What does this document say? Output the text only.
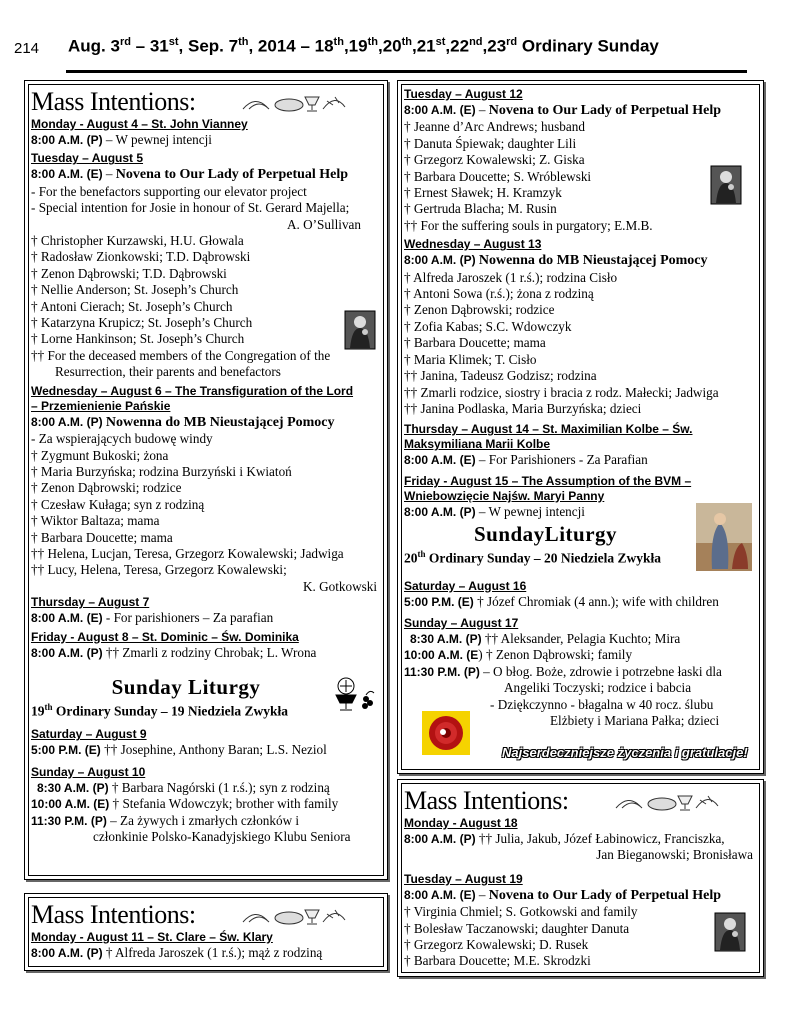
214 Aug. 3rd – 31st, Sep. 7th, 2014 – 18th,19th,20th,21st,22nd,23rd Ordinary Sunday
Mass Intentions:
Monday - August 4 – St. John Vianney
8:00 A.M. (P) – W pewnej intencji
Tuesday – August 5
8:00 A.M. (E) – Novena to Our Lady of Perpetual Help
- For the benefactors supporting our elevator project
- Special intention for Josie in honour of St. Gerard Majella;
A. O’Sullivan
† Christopher Kurzawski, H.U. Głowala
† Radosław Zionkowski; T.D. Dąbrowski
† Zenon Dąbrowski; T.D. Dąbrowski
† Nellie Anderson; St. Joseph’s Church
† Antoni Cierach; St. Joseph’s Church
† Katarzyna Krupicz; St. Joseph’s Church
† Lorne Hankinson; St. Joseph’s Church
†† For the deceased members of the Congregation of the
Resurrection, their parents and benefactors
Wednesday – August 6 – The Transfiguration of the Lord
– Przemienienie Pańskie
8:00 A.M. (P) Nowenna do MB Nieustającej Pomocy
- Za wspierających budowę windy
† Zygmunt Bukoski; żona
† Maria Burzyńska; rodzina Burzyński i Kwiatoń
† Zenon Dąbrowski; rodzice
† Czesław Kułaga; syn z rodziną
† Wiktor Baltaza; mama
† Barbara Doucette; mama
†† Helena, Lucjan, Teresa, Grzegorz Kowalewski; Jadwiga
†† Lucy, Helena, Teresa, Grzegorz Kowalewski;
K. Gotkowski
Thursday – August 7
8:00 A.M. (E) - For parishioners – Za parafian
Friday - August 8 – St. Dominic – Św. Dominika
8:00 A.M. (P) †† Zmarli z rodziny Chrobak; L. Wrona
Sunday Liturgy
19th Ordinary Sunday – 19 Niedziela Zwykła
Saturday – August 9
5:00 P.M. (E) †† Josephine, Anthony Baran; L.S. Neziol
Sunday – August 10
8:30 A.M. (P) † Barbara Nagórski (1 r.ś.); syn z rodziną
10:00 A.M. (E) † Stefania Wdowczyk; brother with family
11:30 P.M. (P) – Za żywych i zmarłych członków i
członkinie Polsko-Kanadyjskiego Klubu Seniora
Mass Intentions:
Monday - August 11 – St. Clare – Św. Klary
8:00 A.M. (P) † Alfreda Jaroszek (1 r.ś.); mąż z rodziną
Tuesday – August 12
8:00 A.M. (E) – Novena to Our Lady of Perpetual Help
† Jeanne d’Arc Andrews; husband
† Danuta Śpiewak; daughter Lili
† Grzegorz Kowalewski; Z. Giska
† Barbara Doucette; S. Wróblewski
† Ernest Sławek; H. Kramzyk
† Gertruda Blacha; M. Rusin
†† For the suffering souls in purgatory; E.M.B.
Wednesday – August 13
8:00 A.M. (P) Nowenna do MB Nieustającej Pomocy
† Alfreda Jaroszek (1 r.ś.); rodzina Cisło
† Antoni Sowa (r.ś.); żona z rodziną
† Zenon Dąbrowski; rodzice
† Zofia Kabas; S.C. Wdowczyk
† Barbara Doucette; mama
† Maria Klimek; T. Cisło
†† Janina, Tadeusz Godzisz; rodzina
†† Zmarli rodzice, siostry i bracia z rodz. Małecki; Jadwiga
†† Janina Podlaska, Maria Burzyńska; dzieci
Thursday – August 14 – St. Maximilian Kolbe – Św.
Maksymiliana Marii Kolbe
8:00 A.M. (E) – For Parishioners - Za Parafian
Friday - August 15 – The Assumption of the BVM –
Wniebowzięcie Najśw. Maryi Panny
8:00 A.M. (P) – W pewnej intencji
SundayLiturgy
20th Ordinary Sunday – 20 Niedziela Zwykła
Saturday – August 16
5:00 P.M. (E) † Józef Chromiak (4 ann.); wife with children
Sunday – August 17
8:30 A.M. (P) †† Aleksander, Pelagia Kuchto; Mira
10:00 A.M. (E) † Zenon Dąbrowski; family
11:30 P.M. (P) – O błog. Boże, zdrowie i potrzebne łaski dla
Angeliki Toczyski; rodzice i babcia
- Dziękczynno - błagalna w 40 rocz. ślubu
Elżbiety i Mariana Pałka; dzieci
Najserdeczniejsze życzenia i gratulacje!
Mass Intentions:
Monday - August 18
8:00 A.M. (P) †† Julia, Jakub, Józef Łabinowicz, Franciszka,
Jan Bieganowski; Bronisława
Tuesday – August 19
8:00 A.M. (E) – Novena to Our Lady of Perpetual Help
† Virginia Chmiel; S. Gotkowski and family
† Bolesław Taczanowski; daughter Danuta
† Grzegorz Kowalewski; D. Rusek
† Barbara Doucette; M.E. Skrodzki
